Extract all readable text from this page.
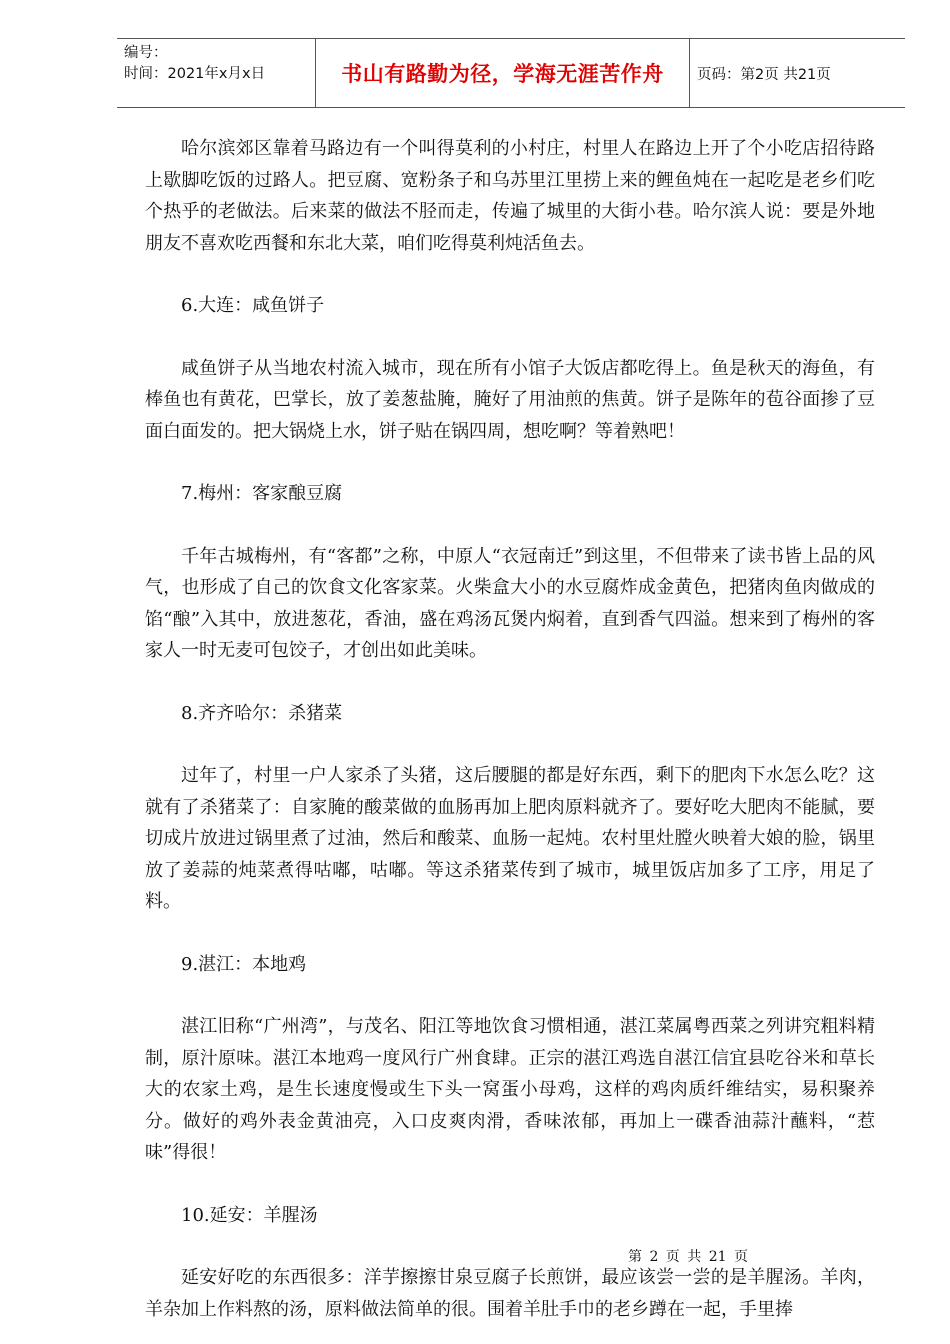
编号：
时间：2021年x月x日	书山有路勤为径，学海无涯苦作舟 页码：第2页 共21页

哈尔滨郊区靠着马路边有一个叫得莫利的小村庄，村里人在路边上开了个小吃店招待路上歇脚吃饭的过路人。把豆腐、宽粉条子和乌苏里江里捞上来的鲤鱼炖在一起吃是老乡们吃个热乎的老做法。后来菜的做法不胫而走，传遍了城里的大街小巷。哈尔滨人说：要是外地朋友不喜欢吃西餐和东北大菜，咱们吃得莫利炖活鱼去。

6.大连：咸鱼饼子

咸鱼饼子从当地农村流入城市，现在所有小馆子大饭店都吃得上。鱼是秋天的海鱼，有棒鱼也有黄花，巴掌长，放了姜葱盐腌，腌好了用油煎的焦黄。饼子是陈年的苞谷面掺了豆面白面发的。把大锅烧上水，饼子贴在锅四周，想吃啊？等着熟吧！

7.梅州：客家酿豆腐

千年古城梅州，有“客都”之称，中原人“衣冠南迁”到这里，不但带来了读书皆上品的风气，也形成了自己的饮食文化客家菜。火柴盒大小的水豆腐炸成金黄色，把猪肉鱼肉做成的馅“酿”入其中，放进葱花，香油，盛在鸡汤瓦煲内焖着，直到香气四溢。想来到了梅州的客家人一时无麦可包饺子，才创出如此美味。

8.齐齐哈尔：杀猪菜

过年了，村里一户人家杀了头猪，这后腰腿的都是好东西，剩下的肥肉下水怎么吃？这就有了杀猪菜了：自家腌的酸菜做的血肠再加上肥肉原料就齐了。要好吃大肥肉不能腻，要切成片放进过锅里煮了过油，然后和酸菜、血肠一起炖。农村里灶膛火映着大娘的脸，锅里放了姜蒜的炖菜煮得咕嘟，咕嘟。等这杀猪菜传到了城市，城里饭店加多了工序，用足了料。

9.湛江：本地鸡

湛江旧称“广州湾”，与茂名、阳江等地饮食习惯相通，湛江菜属粤西菜之列讲究粗料精制，原汁原味。湛江本地鸡一度风行广州食肆。正宗的湛江鸡选自湛江信宜县吃谷米和草长大的农家土鸡，是生长速度慢或生下头一窝蛋小母鸡，这样的鸡肉质纤维结实，易积聚养分。做好的鸡外表金黄油亮，入口皮爽肉滑，香味浓郁，再加上一碟香油蒜汁蘸料，“惹味”得很！

10.延安：羊腥汤

延安好吃的东西很多：洋芋擦擦甘泉豆腐子长煎饼，最应该尝一尝的是羊腥汤。羊肉，羊杂加上作料熬的汤，原料做法简单的很。围着羊肚手巾的老乡蹲在一起，手里捧

第 2 页 共 21 页
